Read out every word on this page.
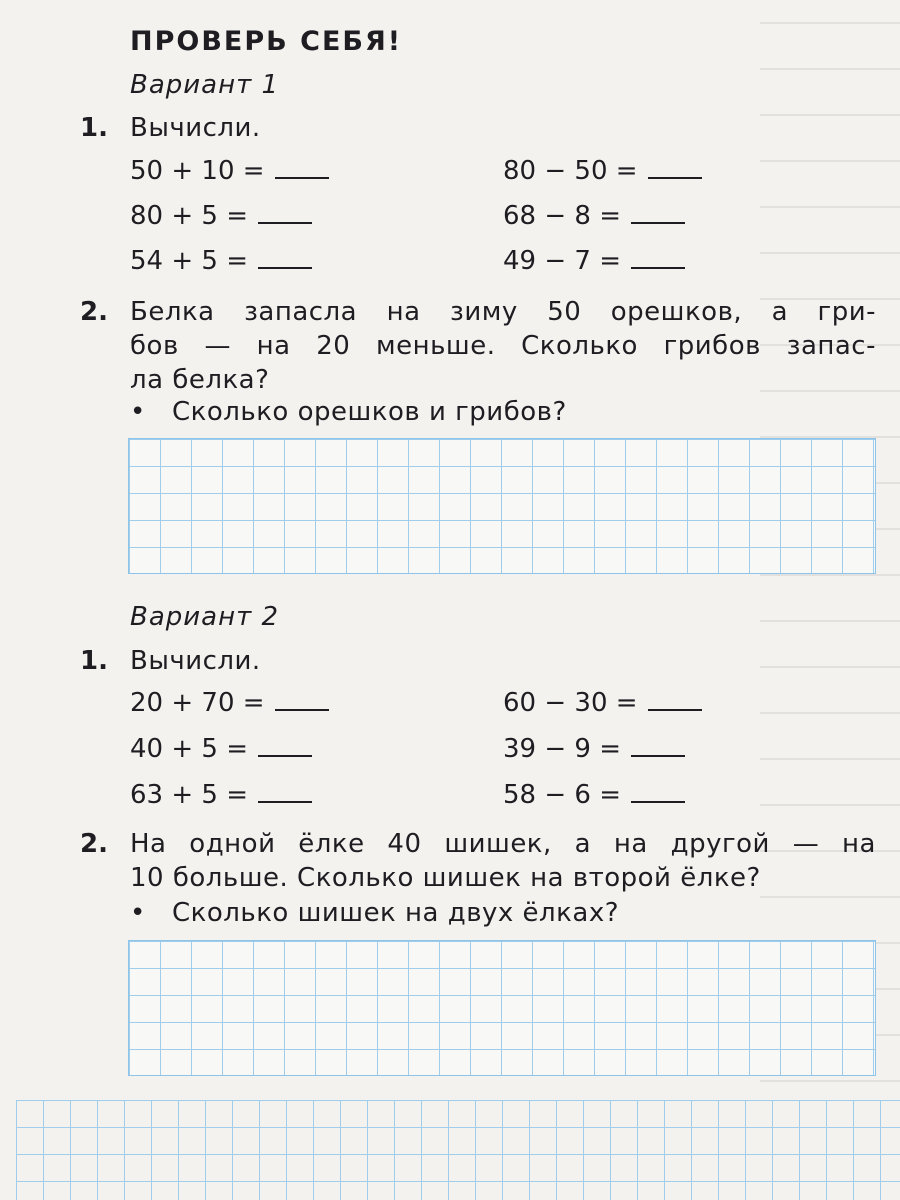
ПРОВЕРЬ СЕБЯ!
Вариант 1
1. Вычисли.
50 + 10 =
80 + 5 =
54 + 5 =
80 − 50 =
68 − 8 =
49 − 7 =
2. Белка запасла на зиму 50 орешков, а гри-
бов — на 20 меньше. Сколько грибов запас-
ла белка?
• Сколько орешков и грибов?
Вариант 2
1. Вычисли.
20 + 70 =
40 + 5 =
63 + 5 =
60 − 30 =
39 − 9 =
58 − 6 =
2. На одной ёлке 40 шишек, а на другой — на
10 больше. Сколько шишек на второй ёлке?
• Сколько шишек на двух ёлках?
